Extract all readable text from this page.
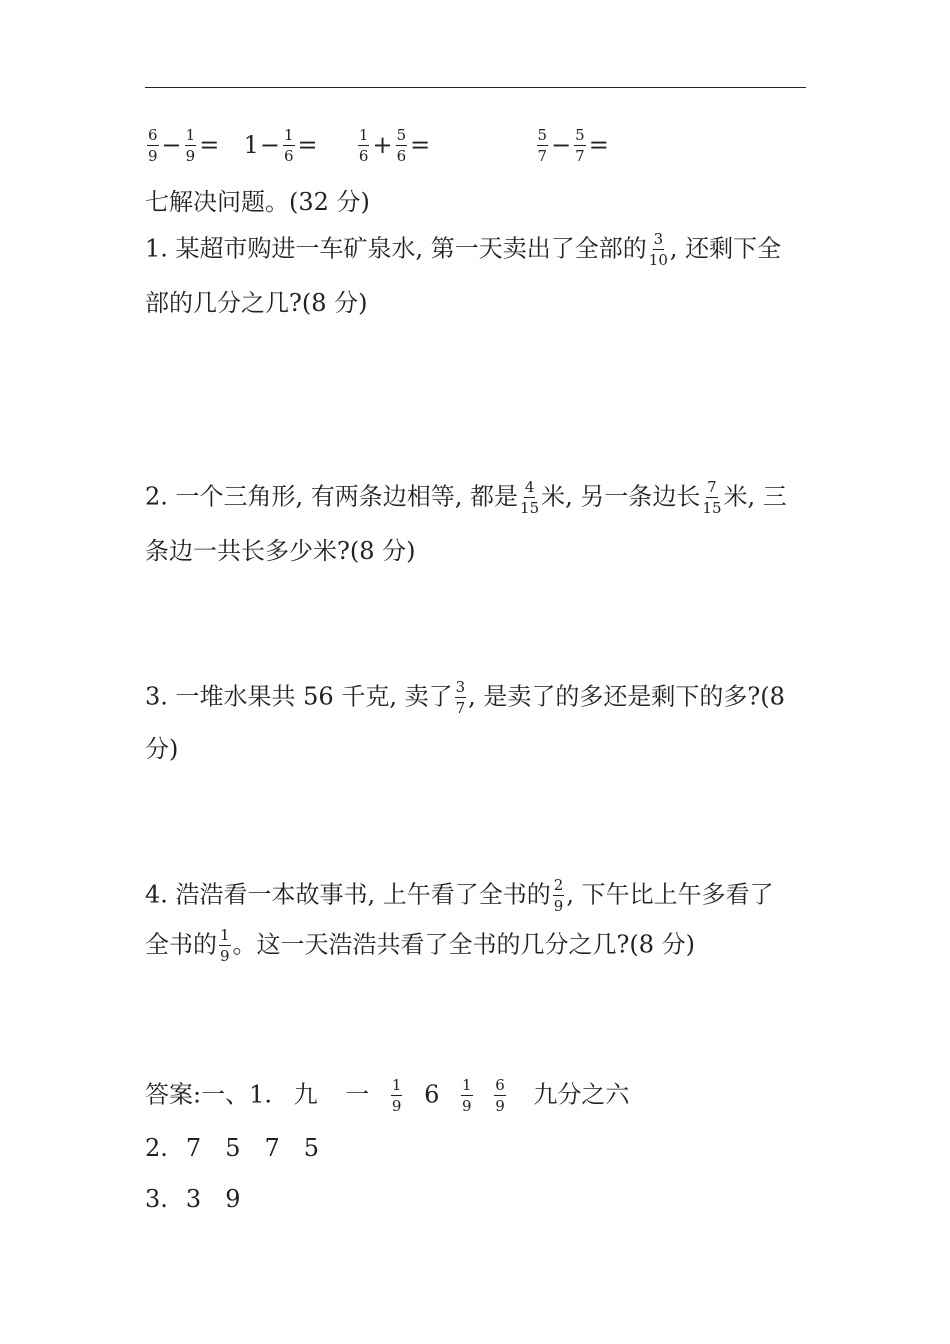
$\frac{6}{9} - \frac{1}{9} = 1- \frac{1}{6}$ =	$\frac{1}{6} + \frac{5}{6}$ =	$\frac{5}{7} - \frac{5}{7}$ =
七解决问题。(32 分)
1. 某超市购进一车矿泉水, 第一天卖出了全部的 $\frac{3}{10}$ , 还剩下全
部的几分之几?(8 分)
2. 一个三角形, 有两条边相等, 都是 $\frac{4}{15}$ 米, 另一条边长 $\frac{7}{15}$ 米, 三
条边一共长多少米?(8 分)
3. 一堆水果共 56 千克, 卖了 $\frac{3}{7}$ , 是卖了的多还是剩下的多?(8
分)
4. 浩浩看一本故事书, 上午看了全书的 $\frac{2}{9}$ , 下午比上午多看了
全书的 $\frac{1}{9}$ 。这一天浩浩共看了全书的几分之几?(8 分)
答案:一、1. 九 一 $\frac{1}{9} 6 \frac{1}{9}$
$\frac{6}{9}$ 九分之六
2. 7 5 7 5
3. 3 9
